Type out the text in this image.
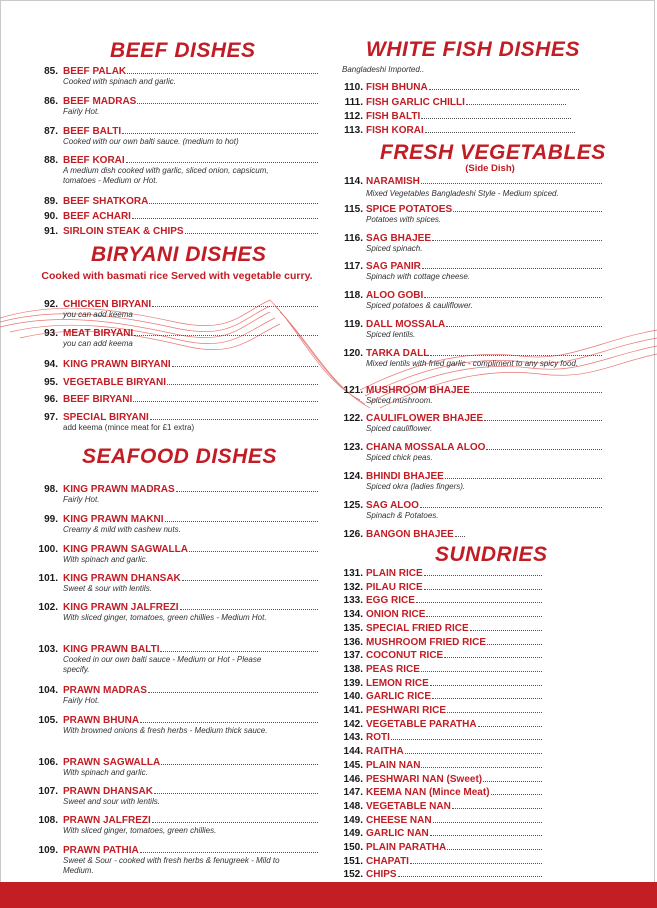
BEEF DISHES
85. BEEF PALAK
Cooked with spinach and garlic.
86. BEEF MADRAS
Fairly Hot.
87. BEEF BALTI
Cooked with our own balti sauce. (medium to hot)
88. BEEF KORAI
A medium dish cooked with garlic, sliced onion, capsicum, tomatoes - Medium or Hot.
89. BEEF SHATKORA
90. BEEF ACHARI
91. SIRLOIN STEAK & CHIPS
BIRYANI DISHES
Cooked with basmati rice Served with vegetable curry.
92. CHICKEN BIRYANI
you can add keema
93. MEAT BIRYANI
you can add keema
94. KING PRAWN BIRYANI
95. VEGETABLE BIRYANI
96. BEEF BIRYANI
97. SPECIAL BIRYANI
add keema (mince meat for £1 extra)
SEAFOOD DISHES
98. KING PRAWN MADRAS
Fairly Hot.
99. KING PRAWN MAKNI
Creamy & mild with cashew nuts.
100. KING PRAWN SAGWALLA
With spinach and garlic.
101. KING PRAWN DHANSAK
Sweet & sour with lentils.
102. KING PRAWN JALFREZI
With sliced ginger, tomatoes, green chillies - Medium Hot.
103. KING PRAWN BALTI
Cooked in our own balti sauce - Medium or Hot - Please specify.
104. PRAWN MADRAS
Fairly Hot.
105. PRAWN BHUNA
With browned onions & fresh herbs - Medium thick sauce.
106. PRAWN SAGWALLA
With spinach and garlic.
107. PRAWN DHANSAK
Sweet and sour with lentils.
108. PRAWN JALFREZI
With sliced ginger, tomatoes, green chillies.
109. PRAWN PATHIA
Sweet & Sour - cooked with fresh herbs & fenugreek - Mild to Medium.
WHITE FISH DISHES
Bangladeshi Imported..
110. FISH BHUNA
111. FISH GARLIC CHILLI
112. FISH BALTI
113. FISH KORAI
FRESH VEGETABLES
(Side Dish)
114. NARAMISH
Mixed Vegetables Bangladeshi Style - Medium spiced.
115. SPICE POTATOES
Potatoes with spices.
116. SAG BHAJEE
Spiced spinach.
117. SAG PANIR
Spinach with cottage cheese.
118. ALOO GOBI
Spiced potatoes & cauliflower.
119. DALL MOSSALA
Spiced lentils.
120. TARKA DALL
Mixed lentils with fried garlic - compliment to any spicy food.
121. MUSHROOM BHAJEE
Spiced mushroom.
122. CAULIFLOWER BHAJEE
Spiced cauliflower.
123. CHANA MOSSALA ALOO
Spiced chick peas.
124. BHINDI BHAJEE
Spiced okra (ladies fingers).
125. SAG ALOO
Spinach & Potatoes.
126. BANGON BHAJEE
SUNDRIES
131. PLAIN RICE
132. PILAU RICE
133. EGG RICE
134. ONION RICE
135. SPECIAL FRIED RICE
136. MUSHROOM FRIED RICE
137. COCONUT RICE
138. PEAS RICE
139. LEMON RICE
140. GARLIC RICE
141. PESHWARI RICE
142. VEGETABLE PARATHA
143. ROTI
144. RAITHA
145. PLAIN NAN
146. PESHWARI NAN (Sweet)
147. KEEMA NAN (Mince Meat)
148. VEGETABLE NAN
149. CHEESE NAN
149. GARLIC NAN
150. PLAIN PARATHA
151. CHAPATI
152. CHIPS
